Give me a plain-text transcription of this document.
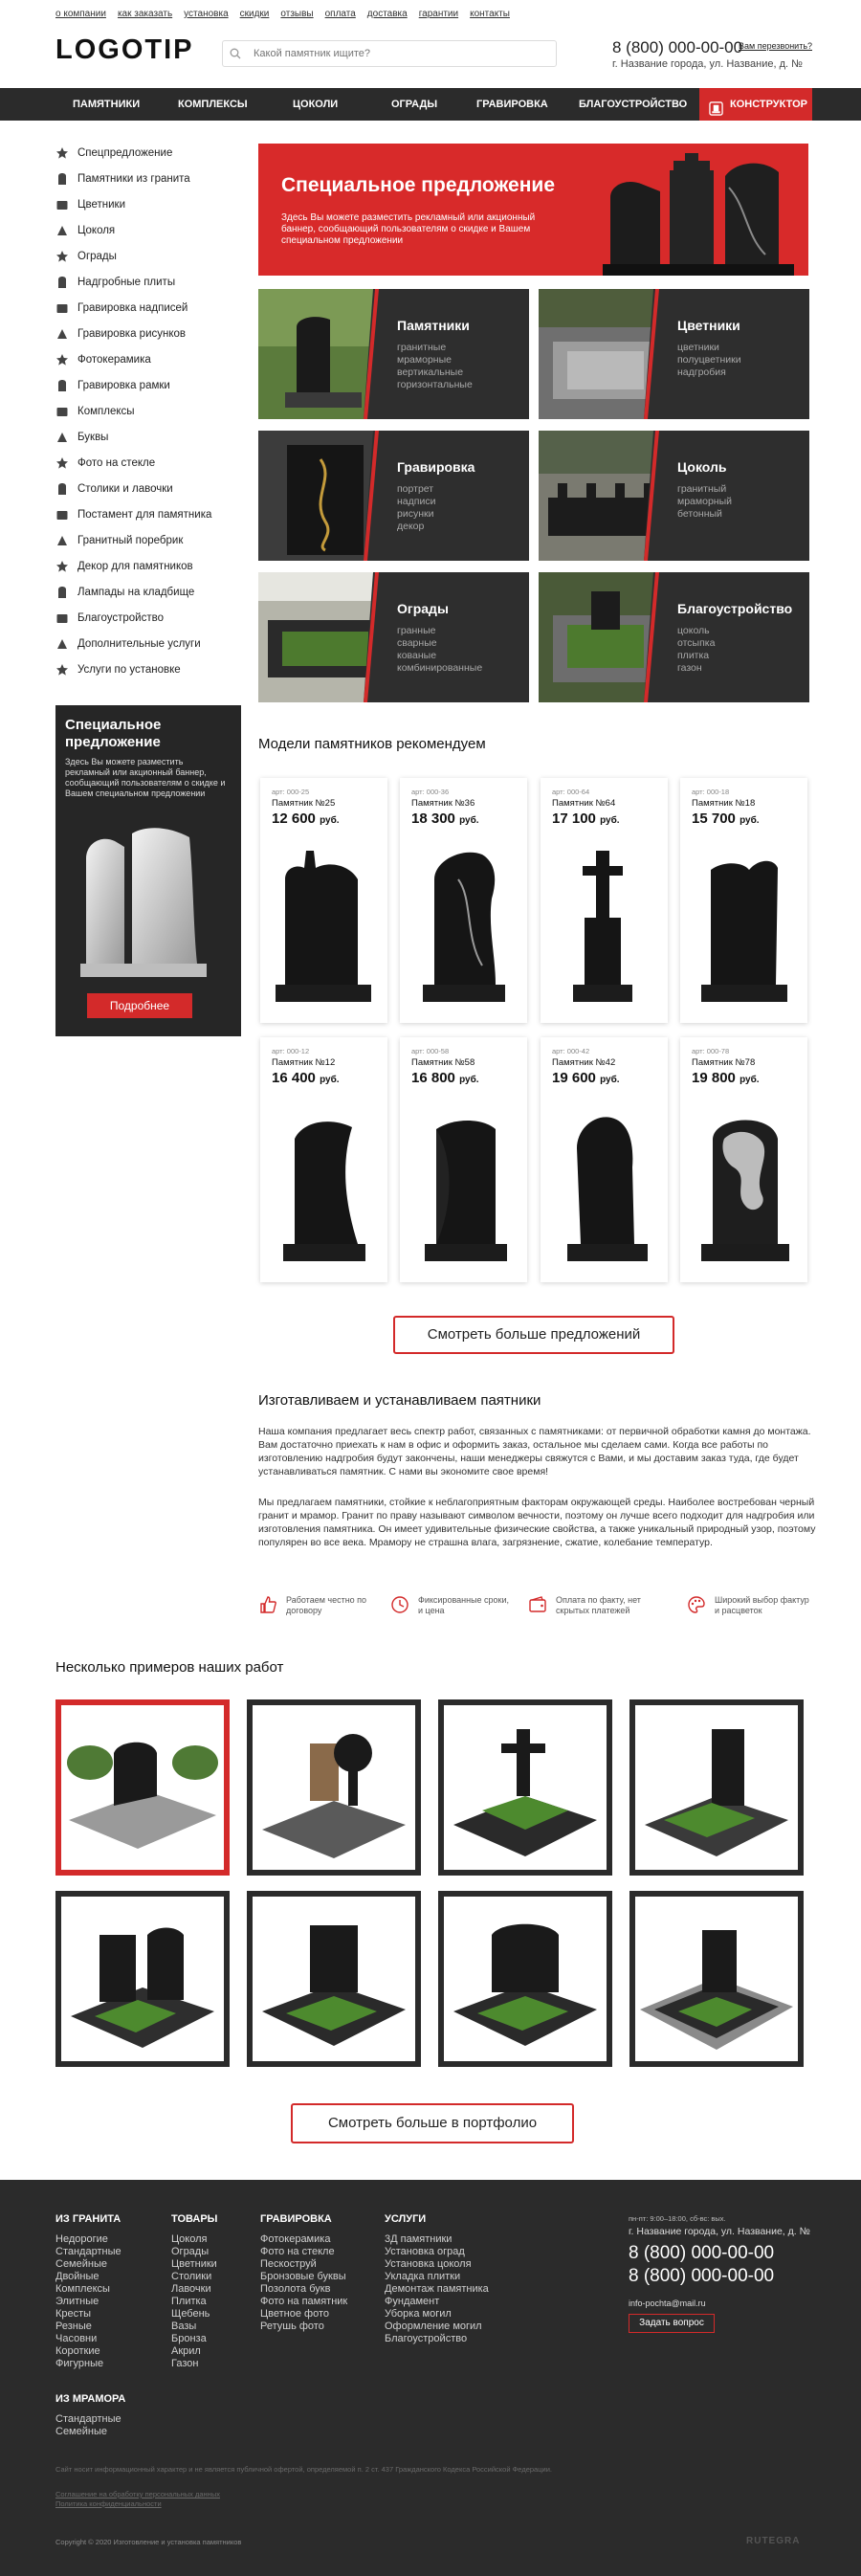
о компании как заказать установка скидки отзывы оплата доставка гарантии контакты
LOGOTIP
Какой памятник ищите?	8 (800) 000-00-00
Вам перезвонить?
г. Название города, ул. Название, д. №
ПАМЯТНИКИ	КОМПЛЕКСЫ	ЦОКОЛИ	ОГРАДЫ	ГРАВИРОВКА	БЛАГОУСТРОЙСТВО	КОНСТРУКТОР
Спецпредложение
Памятники из гранита
Цветники
Цоколя
Ограды
Надгробные плиты
Гравировка надписей
Гравировка рисунков
Фотокерамика
Гравировка рамки
Комплексы
Буквы
Фото на стекле
Столики и лавочки
Постамент для памятника
Гранитный поребрик
Декор для памятников
Лампады на кладбище
Благоустройство
Дополнительные услуги
Услуги по установке
Специальное предложение

Здесь Вы можете разместить рекламный или акционный баннер, сообщающий пользователям о скидке и Вашем специальном предложении

Подробнее
Специальное предложение

Здесь Вы можете разместить рекламный или акционный баннер, сообщающий пользователям о скидке и Вашем специальном предложении

Памятники
гранитные
мраморные
вертикальные
горизонтальные
Цветники
цветники
полуцветники
надгробия
Гравировка
портрет
надписи
рисунки
декор
Цоколь
гранитный
мраморный
бетонный
Ограды
гранные
сварные
кованые
комбинированные
Благоустройство
цоколь
отсыпка
плитка
газон
Модели памятников рекомендуем
арт: 000-25
Памятник №25
12 600 руб.
арт: 000-36
Памятник №36
18 300 руб.
арт: 000-64
Памятник №64
17 100 руб.
арт: 000-18
Памятник №18
15 700 руб.
арт: 000-12
Памятник №12
16 400 руб.
арт: 000-58
Памятник №58
16 800 руб.
арт: 000-42
Памятник №42
19 600 руб.
арт: 000-78
Памятник №78
19 800 руб.
Смотреть больше предложений
Изготавливаем и устанавливаем паятники
Наша компания предлагает весь спектр работ, связанных с памятниками: от первичной обработки камня до монтажа. Вам достаточно приехать к нам в офис и оформить заказ, остальное мы сделаем сами. Когда все работы по изготовлению надгробия будут закончены, наши менеджеры свяжутся с Вами, и мы доставим заказ туда, где будет устанавливаться памятник. С нами вы экономите свое время!
Мы предлагаем памятники, стойкие к неблагоприятным факторам окружающей среды. Наиболее востребован черный гранит и мрамор. Гранит по праву называют символом вечности, поэтому он лучше всего подходит для надгробия или изготовления памятника. Он имеет удивительные физические свойства, а также уникальный природный узор, поэтому популярен во все века. Мрамору не страшна влага, загрязнение, сжатие, колебание температур.
Работаем честно по договору
Фиксированные сроки, и цена
Оплата по факту, нет скрытых платежей
Широкий выбор фактур и расцветок
Несколько примеров наших работ
Смотреть больше в портфолио
ИЗ ГРАНИТА
Недорогие
Стандартные
Семейные
Двойные
Комплексы
Элитные
Кресты
Резные
Часовни
Короткие
Фигурные
ИЗ МРАМОРА
Стандартные
Семейные
ТОВАРЫ
Цоколя
Ограды
Цветники
Столики
Лавочки
Плитка
Щебень
Вазы
Бронза
Акрил
Газон
ГРАВИРОВКА
Фотокерамика
Фото на стекле
Пескоструй
Бронзовые буквы
Позолота букв
Фото на памятник
Цветное фото
Ретушь фото
УСЛУГИ
3Д памятники
Установка оград
Установка цоколя
Укладка плитки
Демонтаж памятника
Фундамент
Уборка могил
Оформление могил
Благоустройство
пн-пт: 9:00–18:00, сб-вс: вых.
г. Название города, ул. Название, д. №
8 (800) 000-00-00
8 (800) 000-00-00
info-pochta@mail.ru
Задать вопрос
Сайт носит информационный характер и не является публичной офертой, определяемой п. 2 ст. 437 Гражданского Кодекса Российской Федерации.
Соглашение на обработку персональных данных
Политика конфиденциальности
Copyright © 2020 Изготовление и установка памятников	RUTEGRA
